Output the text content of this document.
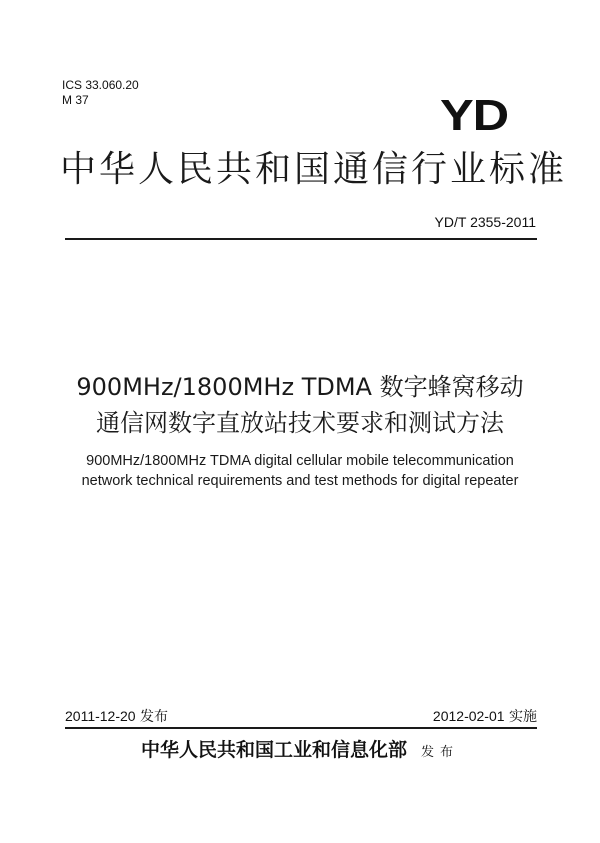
ICS 33.060.20
M 37	YD
中华人民共和国通信行业标准
YD/T 2355-2011
900MHz/1800MHz TDMA 数字蜂窝移动
通信网数字直放站技术要求和测试方法
900MHz/1800MHz TDMA digital cellular mobile telecommunication
network technical requirements and test methods for digital repeater
2011-12-20 发布	2012-02-01 实施
中华人民共和国工业和信息化部 发布
